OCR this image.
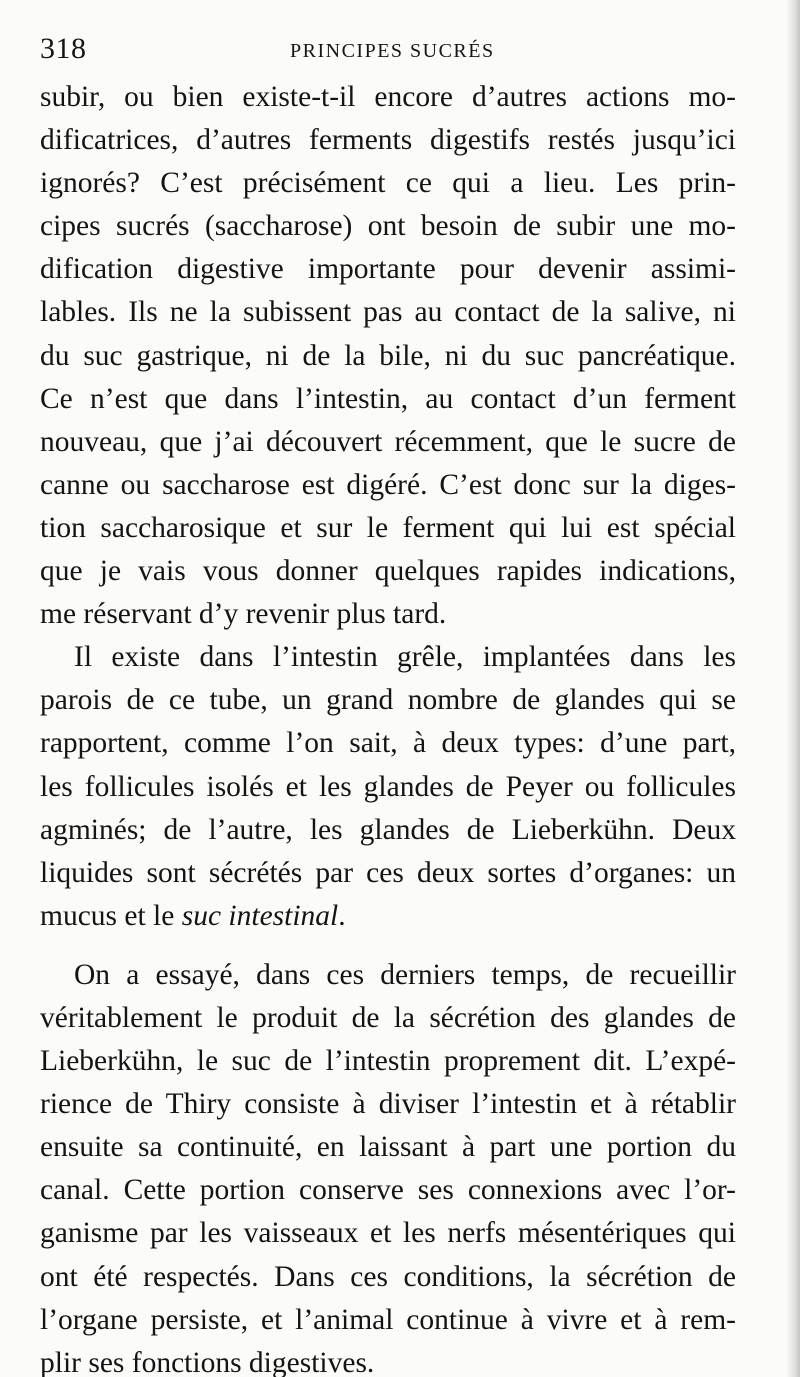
318	PRINCIPES SUCRÉS
subir, ou bien existe-t-il encore d’autres actions mo-
dificatrices, d’autres ferments digestifs restés jusqu’ici
ignorés? C’est précisément ce qui a lieu. Les prin-
cipes sucrés (saccharose) ont besoin de subir une mo-
dification digestive importante pour devenir assimi-
lables. Ils ne la subissent pas au contact de la salive, ni
du suc gastrique, ni de la bile, ni du suc pancréatique.
Ce n’est que dans l’intestin, au contact d’un ferment
nouveau, que j’ai découvert récemment, que le sucre de
canne ou saccharose est digéré. C’est donc sur la diges-
tion saccharosique et sur le ferment qui lui est spécial
que je vais vous donner quelques rapides indications,
me réservant d’y revenir plus tard.
Il existe dans l’intestin grêle, implantées dans les
parois de ce tube, un grand nombre de glandes qui se
rapportent, comme l’on sait, à deux types: d’une part,
les follicules isolés et les glandes de Peyer ou follicules
agminés; de l’autre, les glandes de Lieberkühn. Deux
liquides sont sécrétés par ces deux sortes d’organes: un
mucus et le suc intestinal.
On a essayé, dans ces derniers temps, de recueillir
véritablement le produit de la sécrétion des glandes de
Lieberkühn, le suc de l’intestin proprement dit. L’expé-
rience de Thiry consiste à diviser l’intestin et à rétablir
ensuite sa continuité, en laissant à part une portion du
canal. Cette portion conserve ses connexions avec l’or-
ganisme par les vaisseaux et les nerfs mésentériques qui
ont été respectés. Dans ces conditions, la sécrétion de
l’organe persiste, et l’animal continue à vivre et à rem-
plir ses fonctions digestives.
